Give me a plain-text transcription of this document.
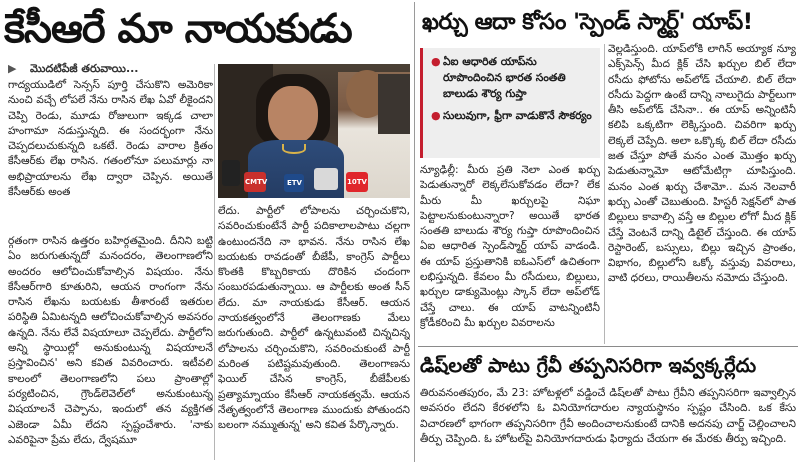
కేసీఆరే మా నాయకుడు
▶	మొదటిపేజీ తరువాయి...
గాద్యయుడిలో సెన్సస్ పూర్తి చేసుకొని అమెరికా నుంచి వచ్చే లోపలే నేను రాసిన లేఖ ఏవో లీకైందని చెప్పి రెండు, మూడు రోజులుగా ఇక్కడ చాలా హంగామా నడుస్తున్నది. ఈ సందర్భంగా నేను చెప్పదలుచుకున్నది ఒకటే. రెండు వారాల క్రితం కేసీఆర్‌కు లేఖ రాసిన. గతంలోనూ పలుమార్లు నా అభిప్రాయాలను లేఖ ద్వారా చెప్పిన. అయితే కేసీఆర్‌కు అంత
CMTV	ETV	10TV
ర్గతంగా రాసిన ఉత్తరం బహిర్గతమైంది. దీనిని బట్టి ఏం జరుగుతున్నదో మనందరం, తెలంగాణలోని అందరం ఆలోచించుకోవాల్సిన విషయం. నేను కేసీఆర్‌గారి కూతురిని, ఆయన రాంగంగా నేను రాసిన లేఖను బయటకు తీశారంటే ఇతరుల పరిస్థితి ఏమిటన్నది ఆలోచించుకోవాల్సిన అవసరం ఉన్నది. నేను లేవే విషయాలూ చెప్పలేదు. పార్టీలోని అన్ని స్థాయిల్లో అనుకుంటున్న విషయాలనే ప్రస్తావించిన' అని కవిత వివరించారు. ఇటీవలి కాలంలో తెలంగాణలోని పలు ప్రాంతాల్లో పర్యటించిన, గ్రౌండ్‌లెవెల్‌లో అనుకుంటున్న విషయాలనే చెప్పాను, ఇందులో తన వ్యక్తిగత ఎజెండా ఏమీ లేదని స్పష్టంచేశారు. 'నాకు ఎవరిపైనా ప్రేమ లేదు, ద్వేషమూ
లేదు. పార్టీలో లోపాలను చర్చించుకొని, సవరించుకుంటేనే పార్టీ పదికాలాలపాటు చల్లగా ఉంటుందనేది నా భావన. నేను రాసిన లేఖ బయటకు రావడంతో బీజేపీ, కాంగ్రెస్ పార్టీలు కొంతకి కొబ్బరికాయ దొరికిన చందంగా సంబురపడుతున్నాయి. ఆ పార్టీలకు అంత సీన్ లేదు. మా నాయకుడు కేసీఆర్. ఆయన నాయకత్వంలోనే తెలంగాణకు మేలు జరుగుతుంది. పార్టీలో ఉన్నటువంటి చిన్నచిన్న లోపాలను చర్చించుకొని, సవరించుకుంటే పార్టీ మరింత పటిష్టమవుతుంది. తెలంగాణను ఫెయిల్ చేసిన కాంగ్రెస్, బీజేపీలకు ప్రత్యామ్నాయం కేసీఆర్ నాయకత్వమే. ఆయన నేతృత్వంలోనే తెలంగాణ ముందుకు పోతుందని బలంగా నమ్ముతున్న' అని కవిత పేర్కొన్నారు.
ఖర్చు ఆదా కోసం 'స్పెండ్ స్మార్ట్' యాప్!
● ఏఐ ఆధారిత యాప్‌ను రూపొందించిన భారత సంతతి బాలుడు శౌర్య గుప్తా
● సులువుగా, ఫ్రీగా వాడుకొనే సౌకర్యం
న్యూఢిల్లీ: మీరు ప్రతి నెలా ఎంత ఖర్చు పెడుతున్నారో లెక్కలేసుకోవడం లేదా? లేక మీరు మీ ఖర్చులపై నిఘా పెట్టాలనుకుంటున్నారా? అయితే భారత సంతతి బాలుడు శౌర్య గుప్తా రూపొందించిన ఏఐ ఆధారిత స్పెండ్‌స్మార్ట్ యాప్ వాడండి. ఈ యాప్ ప్రస్తుతానికి ఐఓఎస్‌లో ఉచితంగా లభిస్తున్నది. కేవలం మీ రసీదులు, బిల్లులు, ఖర్చుల డాక్యుమెంట్లు స్కాన్ లేదా అప్‌లోడ్ చేస్తే చాలు. ఈ యాప్ వాటన్నింటినీ క్రోడీకరించి మీ ఖర్చుల వివరాలను
వెల్లడిస్తుంది. యాప్‌లోకి లాగిన్ అయ్యాక న్యూ ఎక్స్‌పెన్స్ మీద క్లిక్ చేసి ఖర్చుల బిల్ లేదా రసీదు ఫోటోను అప్‌లోడ్ చేయాలి. బిల్ లేదా రసీదు పెద్దగా ఉంటే దాన్ని నాలుగైదు పార్ట్‌లుగా తీసి అప్‌లోడ్ చేసినా.. ఈ యాప్ అన్నింటినీ కలిపి ఒక్కటిగా లెక్కిస్తుంది. చివరిగా ఖర్చు లెక్కలే చెప్పేది. అలా ఒక్కొక్క బిల్ లేదా రసీదు జత చేస్తూ పోతే మనం ఎంత మొత్తం ఖర్చు పెడుతున్నామో ఆటోమేటిగ్గా చూపిస్తుంది. మనం ఎంత ఖర్చు చేశామో.. మన నెలవారీ ఖర్చు ఎంతో చెబుతుంది. హిస్టరీ సెక్షన్‌లో పాత బిల్లులు కావాల్సి వస్తే ఆ బిల్లుల లోగో మీద క్లిక్ చేస్తే వెంటనే దాన్ని డిటైల్ చేస్తుంది. ఈ యాప్ రెస్టారెంట్, బస్సులు, బిల్లు ఇచ్చిన ప్రాంతం, విభాగం, బిల్లులోని ఒక్కో వస్తువు వివరాలు, వాటి ధరలు, రాయితీలను నమోదు చేస్తుంది.
డిష్‌లతో పాటు గ్రేవీ తప్పనిసరిగా ఇవ్వక్కర్లేదు
తిరువనంతపురం, మే 23: హోటళ్లలో వడ్డించే డిష్‌లతో పాటు గ్రేవీని తప్పనిసరిగా ఇవ్వాల్సిన అవసరం లేదని కేరళలోని ఓ వినియోగదారుల న్యాయస్థానం స్పష్టం చేసింది. ఒక కేసు విచారణలో భాగంగా తప్పనిసరిగా గ్రేవీ అందించాలనుకుంటే దానికి అదనపు చార్జ్ చెల్లించాలని తీర్పు చెప్పింది. ఓ హోటల్‌పై వినియోగదారుడు ఫిర్యాదు చేయగా ఈ మేరకు తీర్పు ఇచ్చింది.
